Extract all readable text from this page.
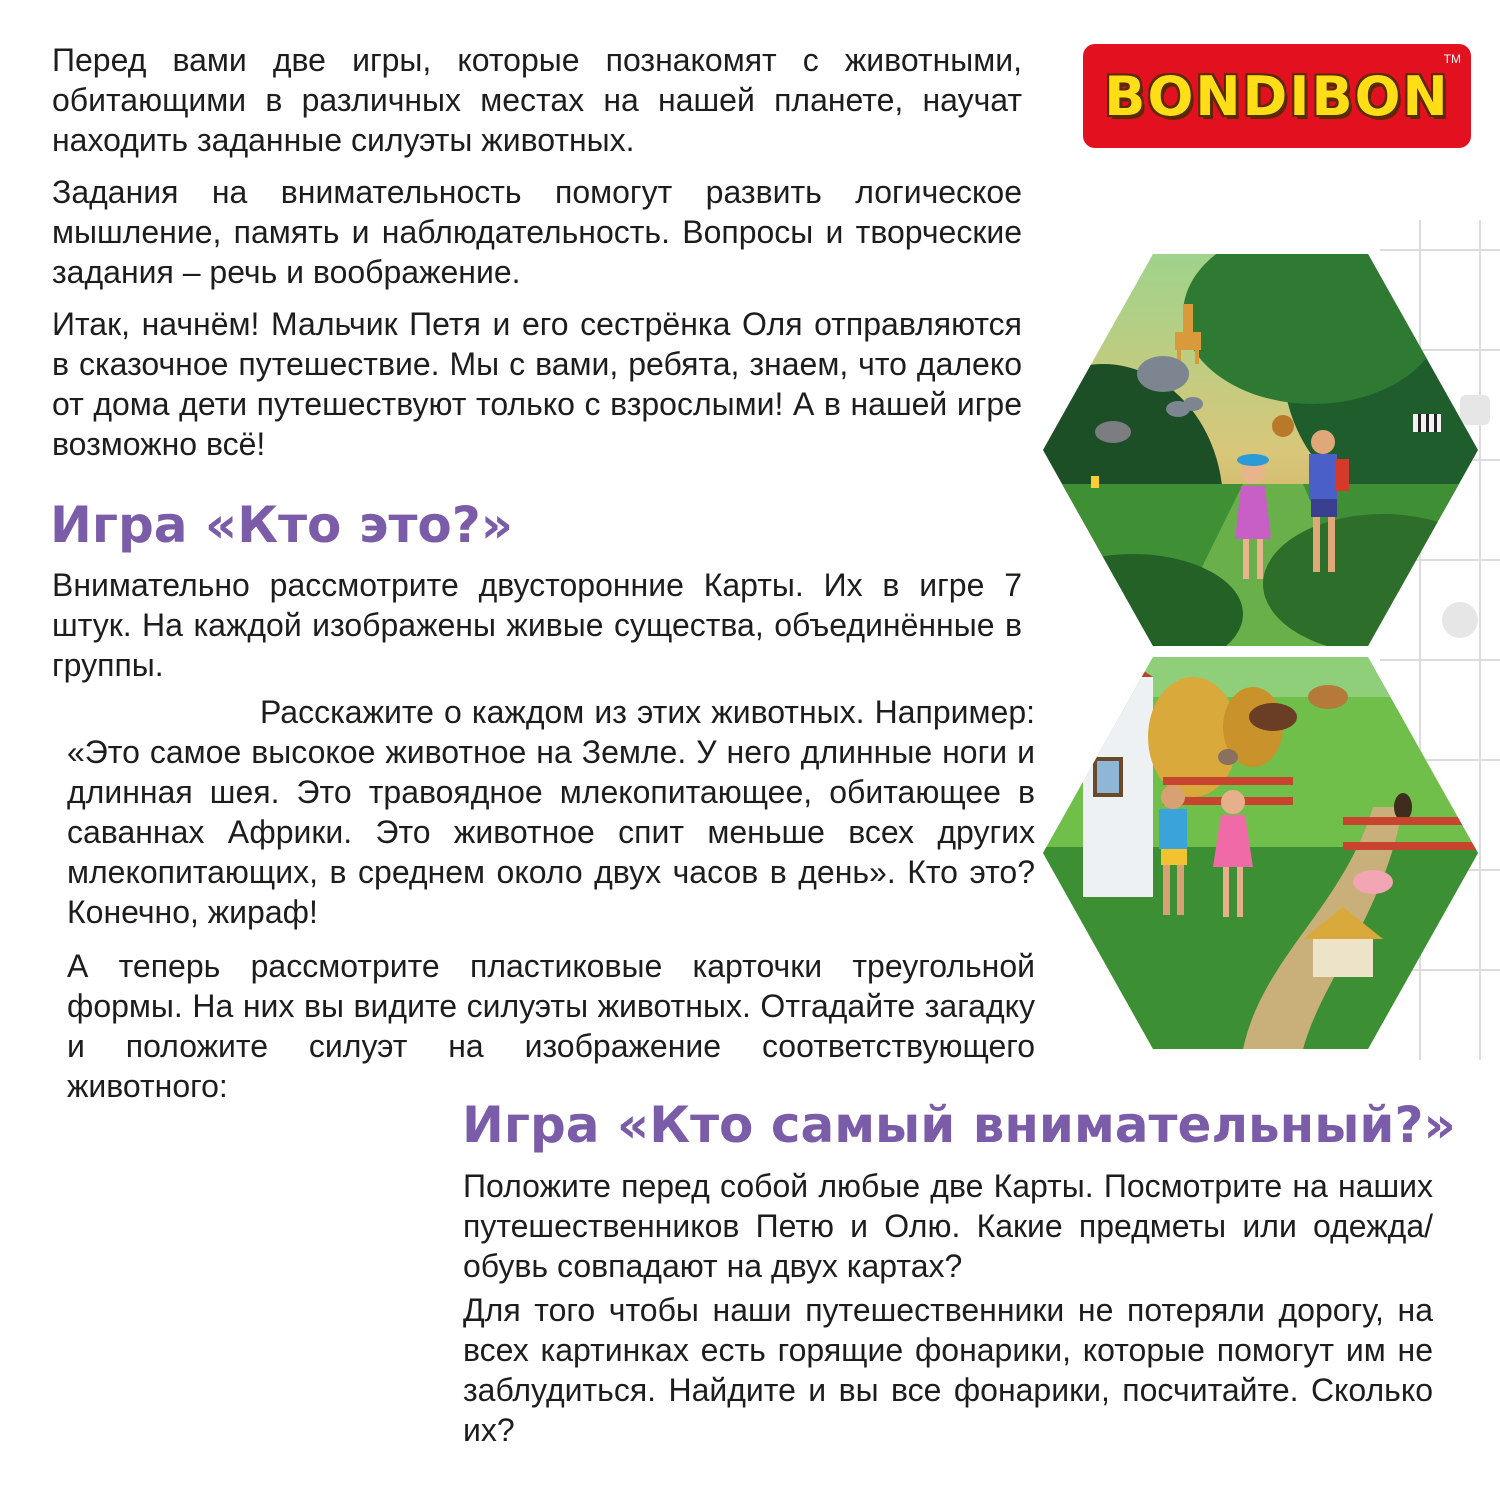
Перед вами две игры, которые познакомят с животными, обитающими в различных местах на нашей планете, научат находить заданные силуэты животных.

Задания на внимательность помогут развить логическое мышление, память и наблюдательность. Вопросы и творческие задания – речь и воображение.

Итак, начнём! Мальчик Петя и его сестрёнка Оля отправляются в сказочное путешествие. Мы с вами, ребята, знаем, что далеко от дома дети путешествуют только с взрослыми! А в нашей игре возможно всё!

Игра «Кто это?»

Внимательно рассмотрите двусторонние Карты. Их в игре 7 штук. На каждой изображены живые существа, объединённые в группы.

Расскажите о каждом из этих животных. Например: «Это самое высокое животное на Земле. У него длинные ноги и длинная шея. Это травоядное млекопитающее, обитающее в саваннах Африки. Это животное спит меньше всех других млекопитающих, в среднем около двух часов в день». Кто это? Конечно, жираф!

А теперь рассмотрите пластиковые карточки треугольной формы. На них вы видите силуэты животных. Отгадайте загадку и положите силуэт на изображение соответствующего животного:

Игра «Кто самый внимательный?»

Положите перед собой любые две Карты. Посмотрите на наших путешественников Петю и Олю. Какие предметы или одежда/обувь совпадают на двух картах?

Для того чтобы наши путешественники не потеряли дорогу, на всех картинках есть горящие фонарики, которые помогут им не заблудиться. Найдите и вы все фонарики, посчитайте. Сколько их?

BONDIBON
TM
